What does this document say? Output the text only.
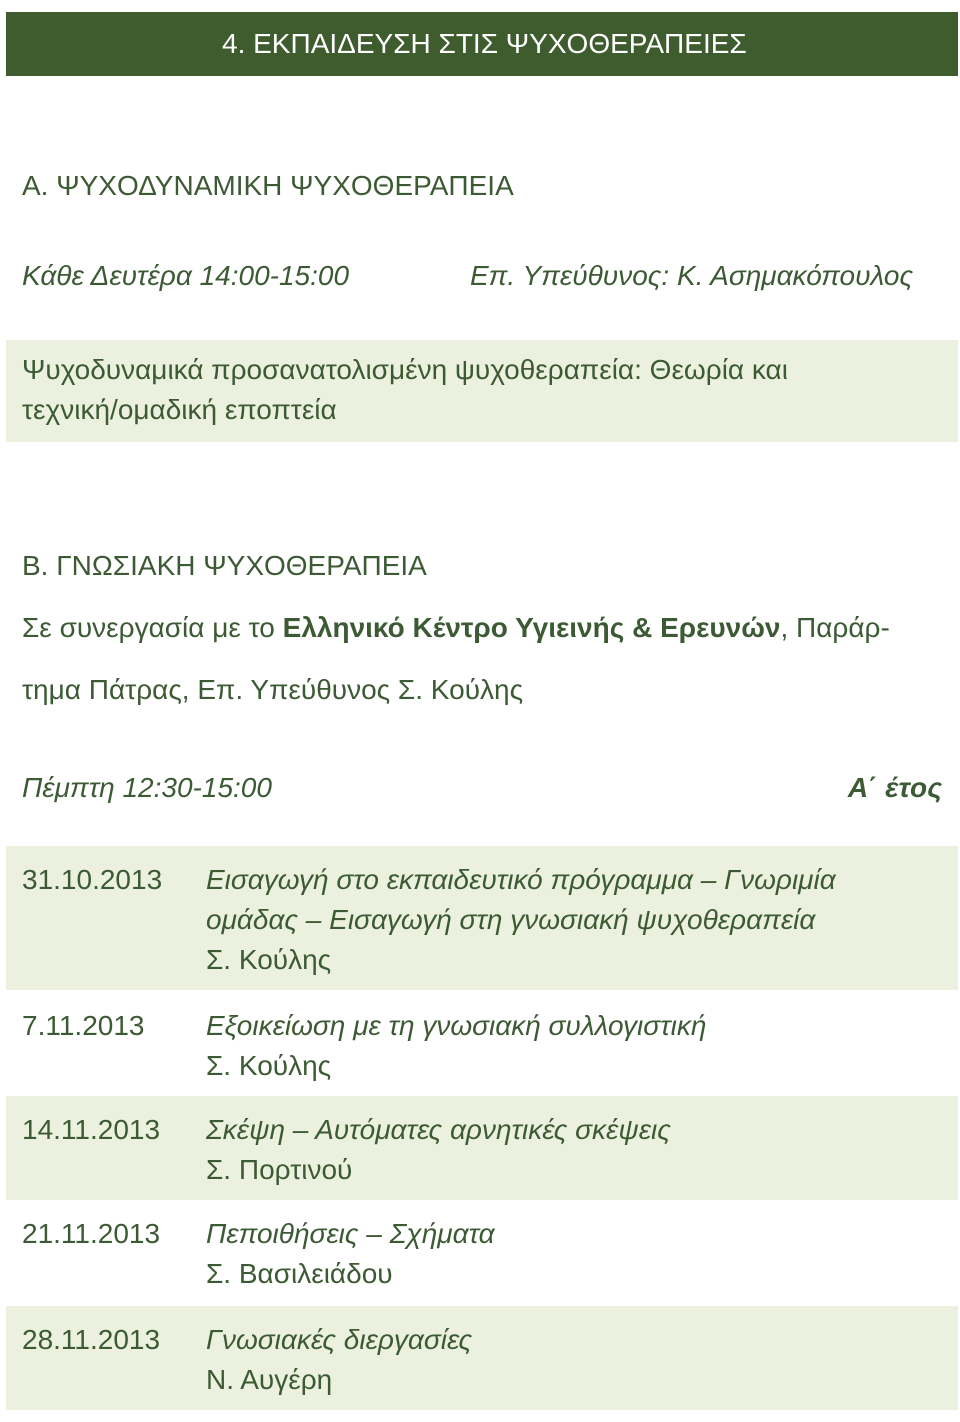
4. ΕΚΠΑΙΔΕΥΣΗ ΣΤΙΣ ΨΥΧΟΘΕΡΑΠΕΙΕΣ
Α. ΨΥΧΟΔΥΝΑΜΙΚΗ ΨΥΧΟΘΕΡΑΠΕΙΑ
Κάθε Δευτέρα 14:00-15:00	Επ. Υπεύθυνος: Κ. Ασημακόπουλος
Ψυχοδυναμικά προσανατολισμένη ψυχοθεραπεία: Θεωρία και
τεχνική/ομαδική εποπτεία
Β. ΓΝΩΣΙΑΚΗ ΨΥΧΟΘΕΡΑΠΕΙΑ
Σε συνεργασία με το Ελληνικό Κέντρο Υγιεινής & Ερευνών, Παράρ-
τημα Πάτρας, Επ. Υπεύθυνος Σ. Κούλης
Πέμπτη 12:30-15:00	Α΄ έτος
31.10.2013 Εισαγωγή στο εκπαιδευτικό πρόγραμμα – Γνωριμία
ομάδας – Εισαγωγή στη γνωσιακή ψυχοθεραπεία
Σ. Κούλης
7.11.2013 Εξοικείωση με τη γνωσιακή συλλογιστική
Σ. Κούλης
14.11.2013 Σκέψη – Αυτόματες αρνητικές σκέψεις
Σ. Πορτινού
21.11.2013 Πεποιθήσεις – Σχήματα
Σ. Βασιλειάδου
28.11.2013 Γνωσιακές διεργασίες
Ν. Αυγέρη
